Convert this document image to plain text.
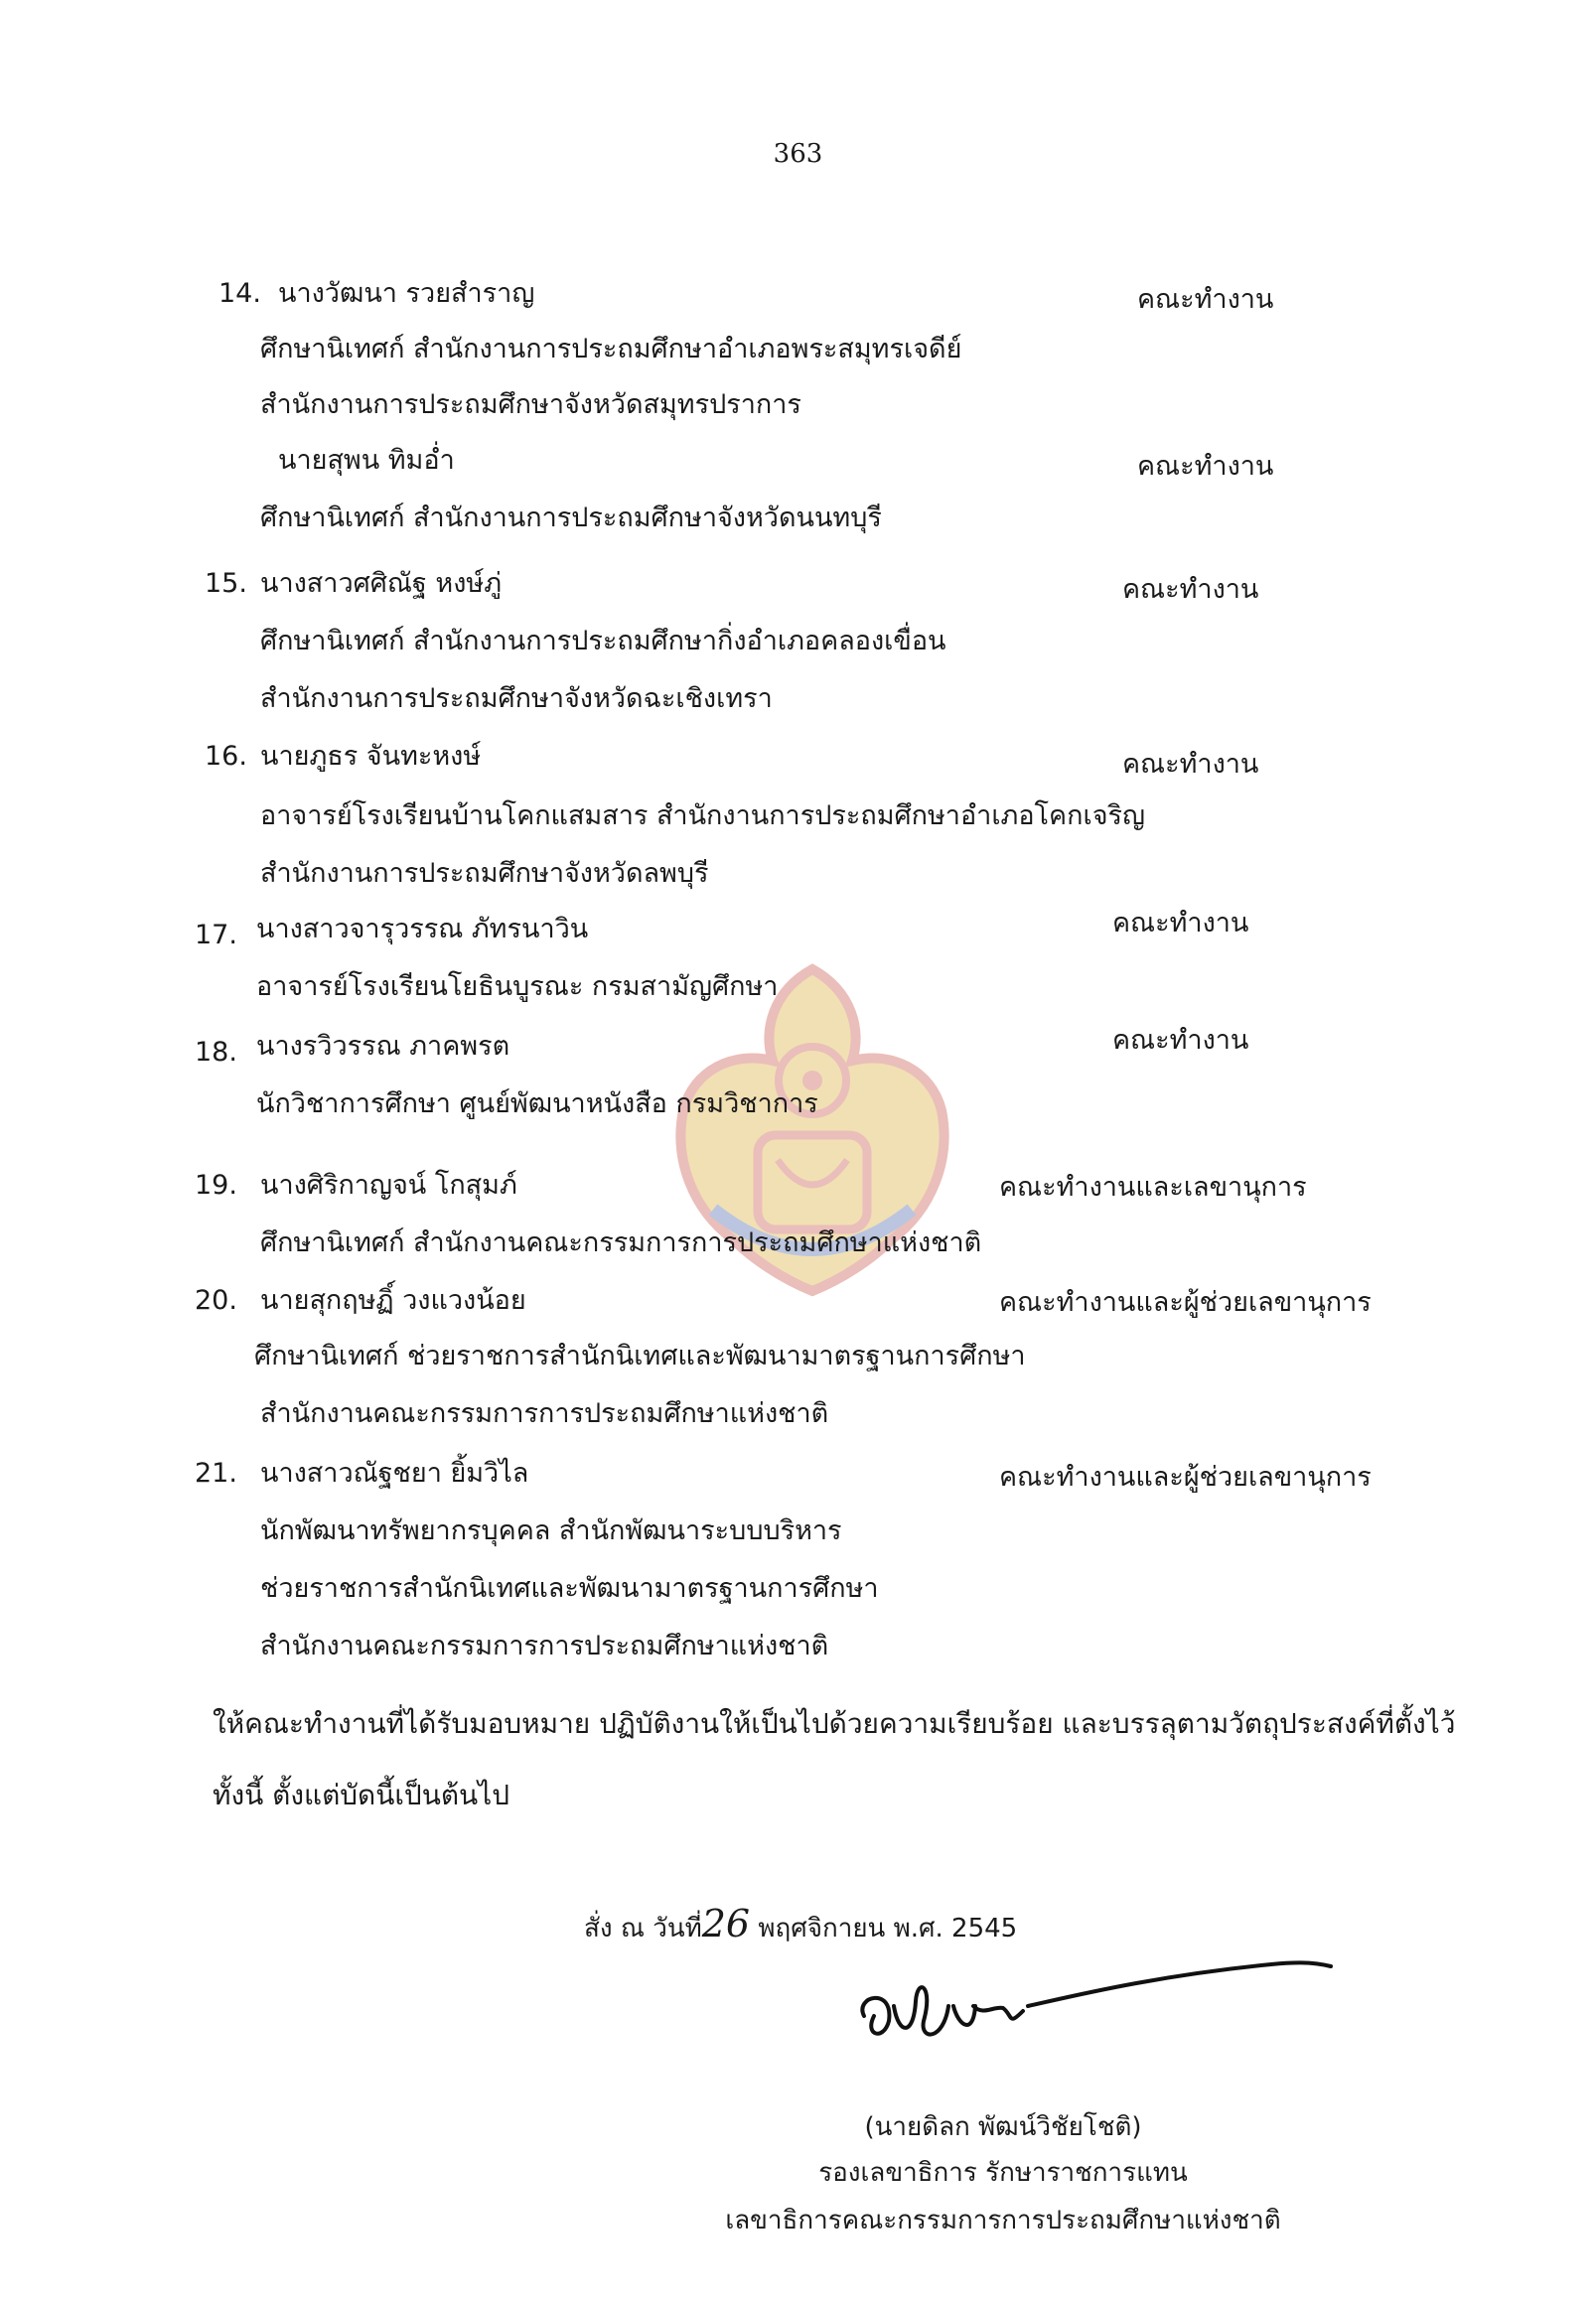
363
14. นางวัฒนา รวยสำราญ	คณะทำงาน
ศึกษานิเทศก์ สำนักงานการประถมศึกษาอำเภอพระสมุทรเจดีย์
สำนักงานการประถมศึกษาจังหวัดสมุทรปราการ
นายสุพน ทิมอ่ำ	คณะทำงาน
ศึกษานิเทศก์ สำนักงานการประถมศึกษาจังหวัดนนทบุรี
15. นางสาวศศิณัฐ หงษ์ภู่	คณะทำงาน
ศึกษานิเทศก์ สำนักงานการประถมศึกษากิ่งอำเภอคลองเขื่อน
สำนักงานการประถมศึกษาจังหวัดฉะเชิงเทรา
16. นายภูธร จันทะหงษ์	คณะทำงาน
อาจารย์โรงเรียนบ้านโคกแสมสาร สำนักงานการประถมศึกษาอำเภอโคกเจริญ
สำนักงานการประถมศึกษาจังหวัดลพบุรี
17. นางสาวจารุวรรณ ภัทรนาวิน	คณะทำงาน
อาจารย์โรงเรียนโยธินบูรณะ กรมสามัญศึกษา
18. นางรวิวรรณ ภาคพรต	คณะทำงาน
นักวิชาการศึกษา ศูนย์พัฒนาหนังสือ กรมวิชาการ
19. นางศิริกาญจน์ โกสุมภ์	คณะทำงานและเลขานุการ
ศึกษานิเทศก์ สำนักงานคณะกรรมการการประถมศึกษาแห่งชาติ
20. นายสุกฤษฏิ์ วงแวงน้อย	คณะทำงานและผู้ช่วยเลขานุการ
ศึกษานิเทศก์ ช่วยราชการสำนักนิเทศและพัฒนามาตรฐานการศึกษา
สำนักงานคณะกรรมการการประถมศึกษาแห่งชาติ
21. นางสาวณัฐชยา ยิ้มวิไล	คณะทำงานและผู้ช่วยเลขานุการ
นักพัฒนาทรัพยากรบุคคล สำนักพัฒนาระบบบริหาร
ช่วยราชการสำนักนิเทศและพัฒนามาตรฐานการศึกษา
สำนักงานคณะกรรมการการประถมศึกษาแห่งชาติ
ให้คณะทำงานที่ได้รับมอบหมาย ปฏิบัติงานให้เป็นไปด้วยความเรียบร้อย และบรรลุตามวัตถุประสงค์ที่ตั้งไว้
ทั้งนี้ ตั้งแต่บัดนี้เป็นต้นไป
สั่ง ณ วันที่26 พฤศจิกายน พ.ศ. 2545
(นายดิลก พัฒน์วิชัยโชติ)
รองเลขาธิการ รักษาราชการแทน
เลขาธิการคณะกรรมการการประถมศึกษาแห่งชาติ
